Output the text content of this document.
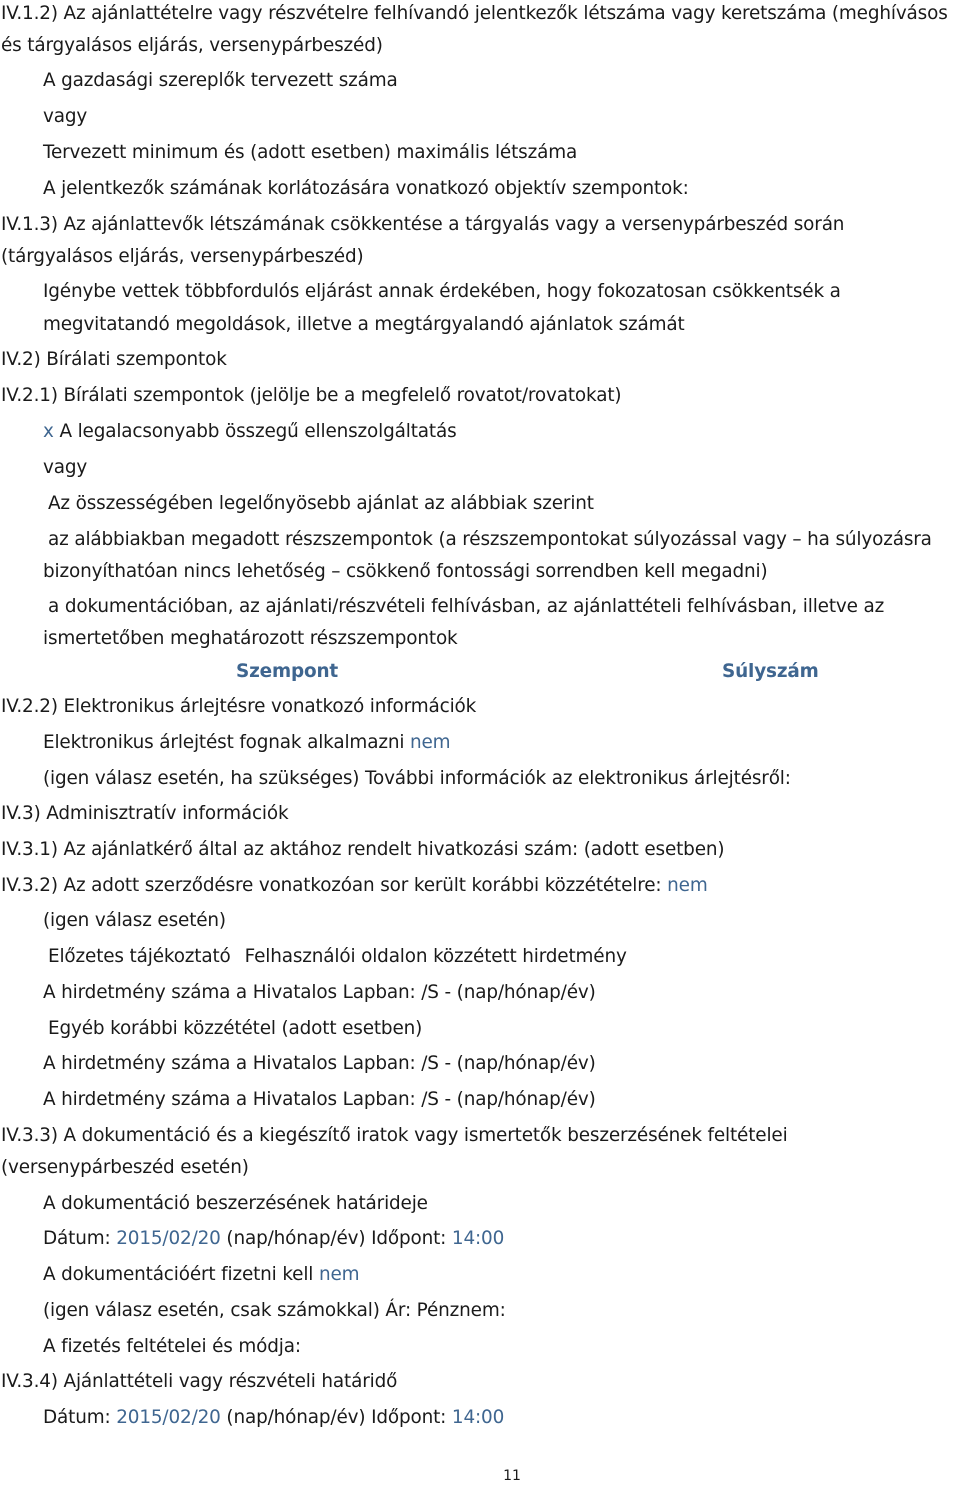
IV.1.2) Az ajánlattételre vagy részvételre felhívandó jelentkezők létszáma vagy keretszáma (meghívásos
és tárgyalásos eljárás, versenypárbeszéd)
A gazdasági szereplők tervezett száma
vagy
Tervezett minimum és (adott esetben) maximális létszáma
A jelentkezők számának korlátozására vonatkozó objektív szempontok:
IV.1.3) Az ajánlattevők létszámának csökkentése a tárgyalás vagy a versenypárbeszéd során
(tárgyalásos eljárás, versenypárbeszéd)
Igénybe vettek többfordulós eljárást annak érdekében, hogy fokozatosan csökkentsék a
megvitatandó megoldások, illetve a megtárgyalandó ajánlatok számát
IV.2) Bírálati szempontok
IV.2.1) Bírálati szempontok (jelölje be a megfelelő rovatot/rovatokat)
x A legalacsonyabb összegű ellenszolgáltatás
vagy
Az összességében legelőnyösebb ajánlat az alábbiak szerint
az alábbiakban megadott részszempontok (a részszempontokat súlyozással vagy – ha súlyozásra
bizonyíthatóan nincs lehetőség – csökkenő fontossági sorrendben kell megadni)
a dokumentációban, az ajánlati/részvételi felhívásban, az ajánlattételi felhívásban, illetve az
ismertetőben meghatározott részszempontok
Szempont	Súlyszám
IV.2.2) Elektronikus árlejtésre vonatkozó információk
Elektronikus árlejtést fognak alkalmazni nem
(igen válasz esetén, ha szükséges) További információk az elektronikus árlejtésről:
IV.3) Adminisztratív információk
IV.3.1) Az ajánlatkérő által az aktához rendelt hivatkozási szám: (adott esetben)
IV.3.2) Az adott szerződésre vonatkozóan sor került korábbi közzétételre: nem
(igen válasz esetén)
Előzetes tájékoztató Felhasználói oldalon közzétett hirdetmény
A hirdetmény száma a Hivatalos Lapban: /S - (nap/hónap/év)
Egyéb korábbi közzététel (adott esetben)
A hirdetmény száma a Hivatalos Lapban: /S - (nap/hónap/év)
A hirdetmény száma a Hivatalos Lapban: /S - (nap/hónap/év)
IV.3.3) A dokumentáció és a kiegészítő iratok vagy ismertetők beszerzésének feltételei
(versenypárbeszéd esetén)
A dokumentáció beszerzésének határideje
Dátum: 2015/02/20 (nap/hónap/év) Időpont: 14:00
A dokumentációért fizetni kell nem
(igen válasz esetén, csak számokkal) Ár: Pénznem:
A fizetés feltételei és módja:
IV.3.4) Ajánlattételi vagy részvételi határidő
Dátum: 2015/02/20 (nap/hónap/év) Időpont: 14:00
11
